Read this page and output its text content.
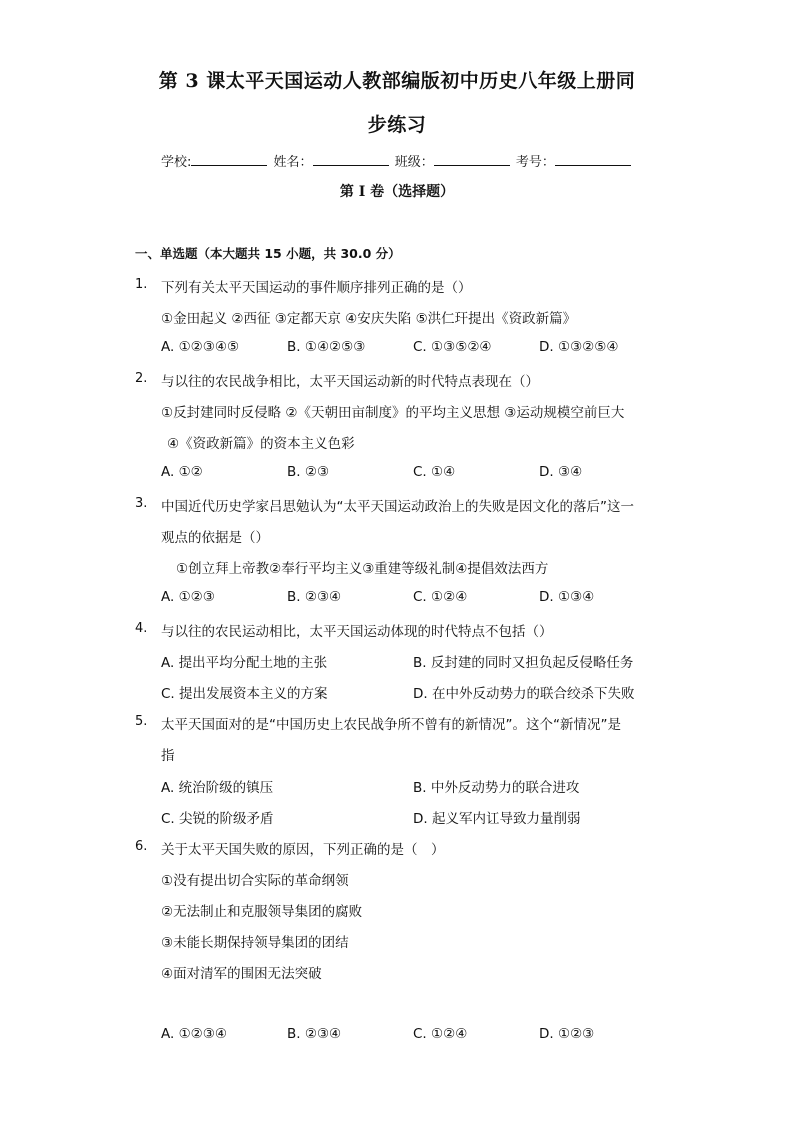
第 3 课太平天国运动人教部编版初中历史八年级上册同
步练习
学校:	姓名：	班级：	考号：
第 I 卷（选择题）
一、单选题（本大题共 15 小题，共 30.0 分）
1. 下列有关太平天国运动的事件顺序排列正确的是（）
①金田起义 ②西征 ③定都天京 ④安庆失陷 ⑤洪仁玕提出《资政新篇》
A. ①②③④⑤	B. ①④②⑤③	C. ①③⑤②④	D. ①③②⑤④
2. 与以往的农民战争相比，太平天国运动新的时代特点表现在（）
①反封建同时反侵略 ②《天朝田亩制度》的平均主义思想 ③运动规模空前巨大
④《资政新篇》的资本主义色彩
A. ①②	B. ②③	C. ①④	D. ③④
3. 中国近代历史学家吕思勉认为“太平天国运动政治上的失败是因文化的落后”这一
观点的依据是（）
①创立拜上帝教②奉行平均主义③重建等级礼制④提倡效法西方
A. ①②③	B. ②③④	C. ①②④	D. ①③④
4. 与以往的农民运动相比，太平天国运动体现的时代特点不包括（）
A. 提出平均分配土地的主张	B. 反封建的同时又担负起反侵略任务
C. 提出发展资本主义的方案	D. 在中外反动势力的联合绞杀下失败
5. 太平天国面对的是“中国历史上农民战争所不曾有的新情况”。这个“新情况”是
指
A. 统治阶级的镇压	B. 中外反动势力的联合进攻
C. 尖锐的阶级矛盾	D. 起义军内讧导致力量削弱
6. 关于太平天国失败的原因，下列正确的是（　）
①没有提出切合实际的革命纲领
②无法制止和克服领导集团的腐败
③未能长期保持领导集团的团结
④面对清军的围困无法突破
A. ①②③④	B. ②③④	C. ①②④	D. ①②③
